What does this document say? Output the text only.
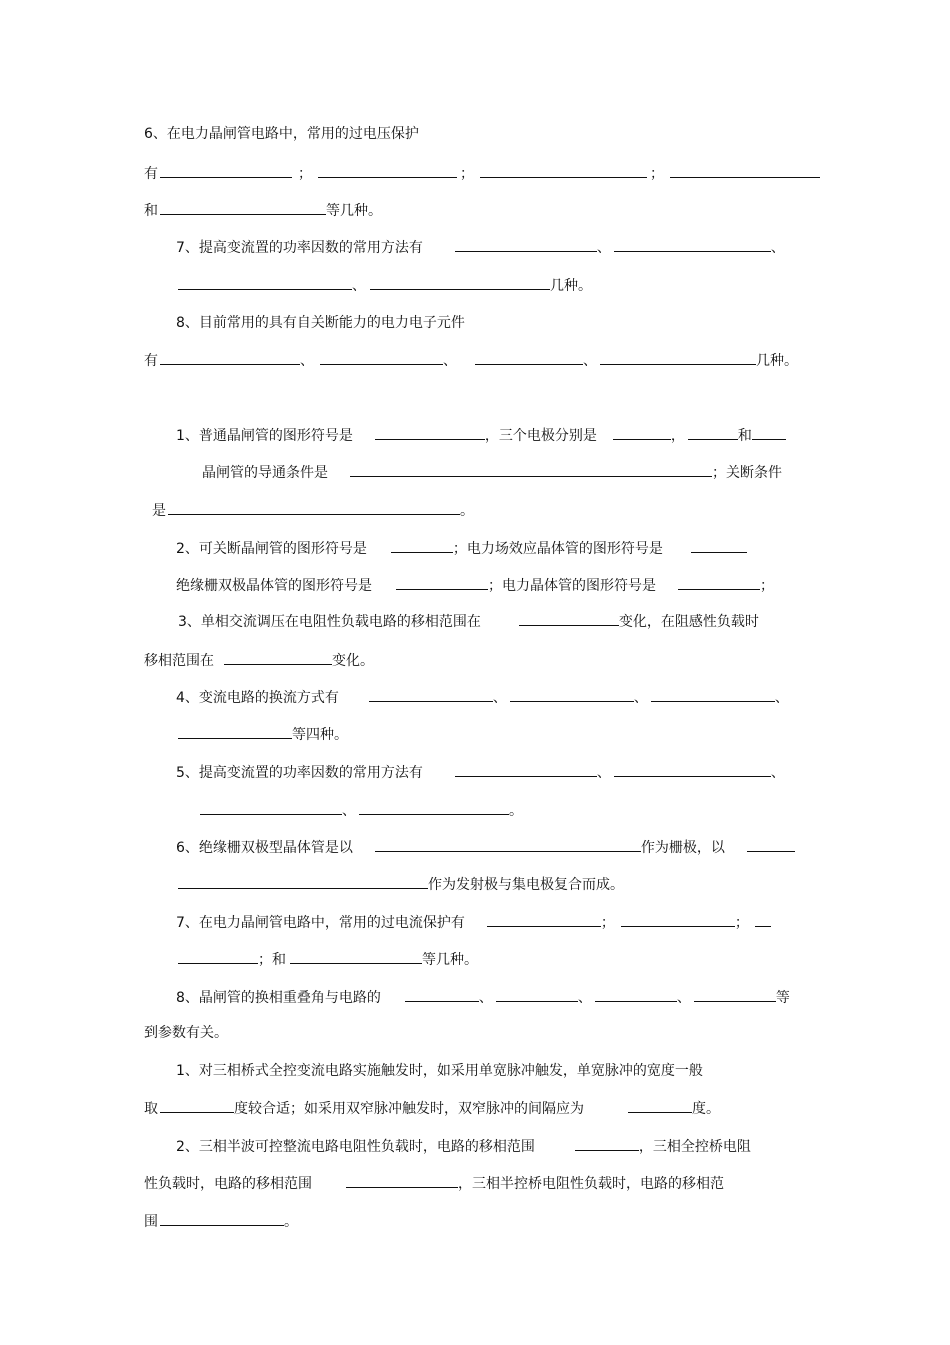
6、在电力晶闸管电路中，常用的过电压保护
有	；	；	；
和	等几种。
7、提高变流置的功率因数的常用方法有	、	、
、	几种。
8、目前常用的具有自关断能力的电力电子元件
有	、	、	、	几种。
1、普通晶闸管的图形符号是	，三个电极分别是	，	和
晶闸管的导通条件是	；关断条件
是	。
2、可关断晶闸管的图形符号是	；电力场效应晶体管的图形符号是
绝缘栅双极晶体管的图形符号是	；电力晶体管的图形符号是	；
3、单相交流调压在电阻性负载电路的移相范围在	变化，在阻感性负载时
移相范围在	变化。
4、变流电路的换流方式有	、	、	、
等四种。
5、提高变流置的功率因数的常用方法有	、	、
、	。
6、绝缘栅双极型晶体管是以	作为栅极，以
作为发射极与集电极复合而成。
7、在电力晶闸管电路中，常用的过电流保护有	；	；
；和	等几种。
8、晶闸管的换相重叠角与电路的	、	、	、	等
到参数有关。
1、对三相桥式全控变流电路实施触发时，如采用单宽脉冲触发，单宽脉冲的宽度一般
取	度较合适；如采用双窄脉冲触发时，双窄脉冲的间隔应为	度。
2、三相半波可控整流电路电阻性负载时，电路的移相范围	，三相全控桥电阻
性负载时，电路的移相范围	，三相半控桥电阻性负载时，电路的移相范
围	。
